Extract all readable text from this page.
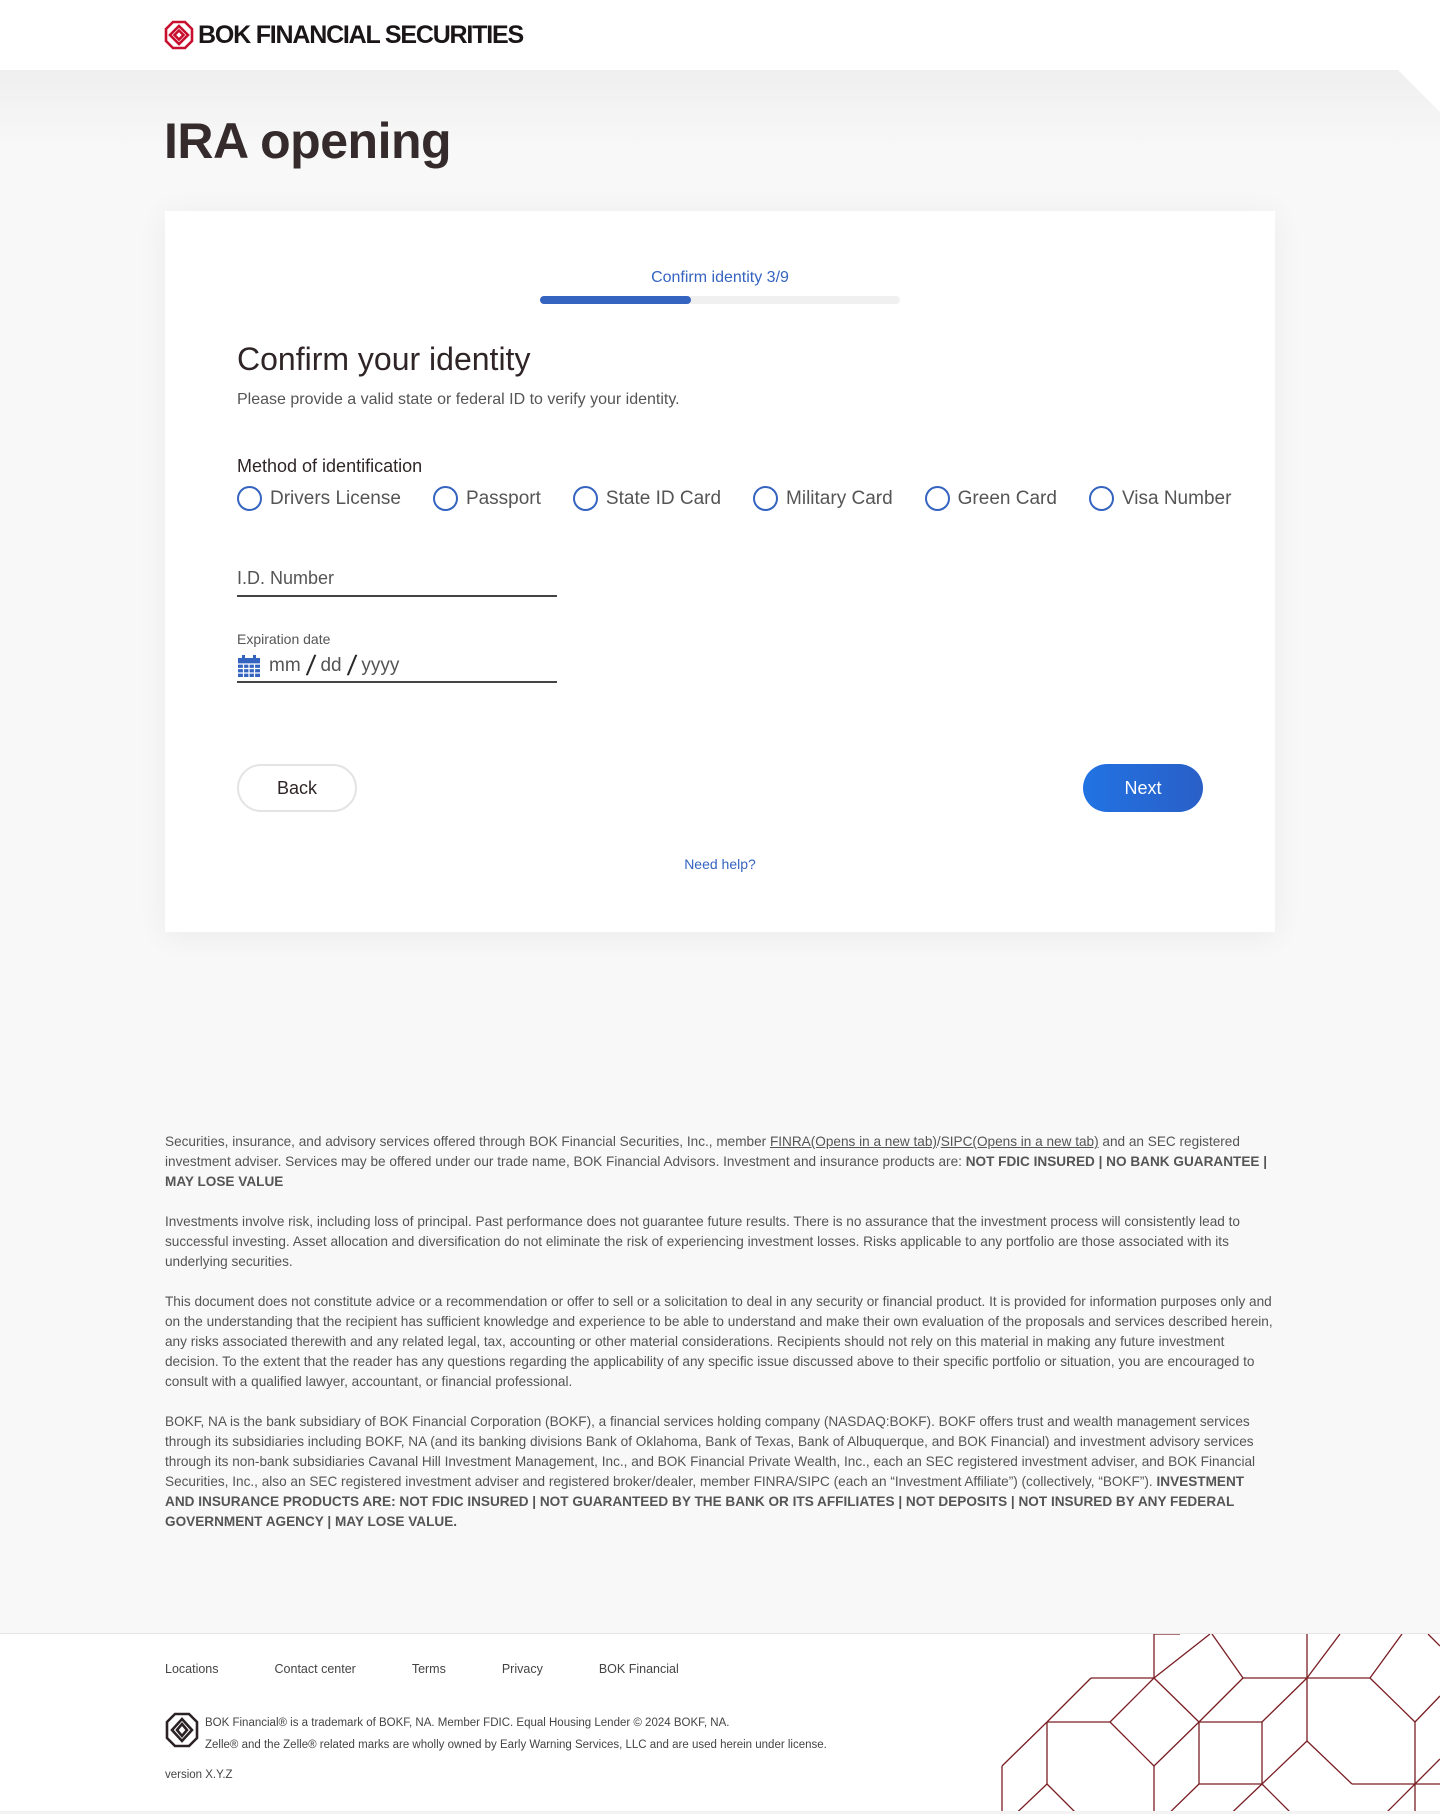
BOK FINANCIAL SECURITIES
IRA opening
Confirm identity 3/9
Confirm your identity

Please provide a valid state or federal ID to verify your identity.

Method of identification
Drivers License	Passport	State ID Card	Military Card	Green Card	Visa Number
I.D. Number
Expiration date
mm / dd / yyyy
Back	Next
Need help?

Securities, insurance, and advisory services offered through BOK Financial Securities, Inc., member FINRA(Opens in a new tab)/SIPC(Opens in a new tab) and an SEC registered investment adviser. Services may be offered under our trade name, BOK Financial Advisors. Investment and insurance products are: NOT FDIC INSURED | NO BANK GUARANTEE | MAY LOSE VALUE

Investments involve risk, including loss of principal. Past performance does not guarantee future results. There is no assurance that the investment process will consistently lead to successful investing. Asset allocation and diversification do not eliminate the risk of experiencing investment losses. Risks applicable to any portfolio are those associated with its underlying securities.

This document does not constitute advice or a recommendation or offer to sell or a solicitation to deal in any security or financial product. It is provided for information purposes only and on the understanding that the recipient has sufficient knowledge and experience to be able to understand and make their own evaluation of the proposals and services described herein, any risks associated therewith and any related legal, tax, accounting or other material considerations. Recipients should not rely on this material in making any future investment decision. To the extent that the reader has any questions regarding the applicability of any specific issue discussed above to their specific portfolio or situation, you are encouraged to consult with a qualified lawyer, accountant, or financial professional.

BOKF, NA is the bank subsidiary of BOK Financial Corporation (BOKF), a financial services holding company (NASDAQ:BOKF). BOKF offers trust and wealth management services through its subsidiaries including BOKF, NA (and its banking divisions Bank of Oklahoma, Bank of Texas, Bank of Albuquerque, and BOK Financial) and investment advisory services through its non-bank subsidiaries Cavanal Hill Investment Management, Inc., and BOK Financial Private Wealth, Inc., each an SEC registered investment adviser, and BOK Financial Securities, Inc., also an SEC registered investment adviser and registered broker/dealer, member FINRA/SIPC (each an “Investment Affiliate”) (collectively, “BOKF”). INVESTMENT AND INSURANCE PRODUCTS ARE: NOT FDIC INSURED | NOT GUARANTEED BY THE BANK OR ITS AFFILIATES | NOT DEPOSITS | NOT INSURED BY ANY FEDERAL GOVERNMENT AGENCY | MAY LOSE VALUE.

Locations	Contact center	Terms	Privacy	BOK Financial
BOK Financial® is a trademark of BOKF, NA. Member FDIC. Equal Housing Lender © 2024 BOKF, NA.
Zelle® and the Zelle® related marks are wholly owned by Early Warning Services, LLC and are used herein under license.
version X.Y.Z
